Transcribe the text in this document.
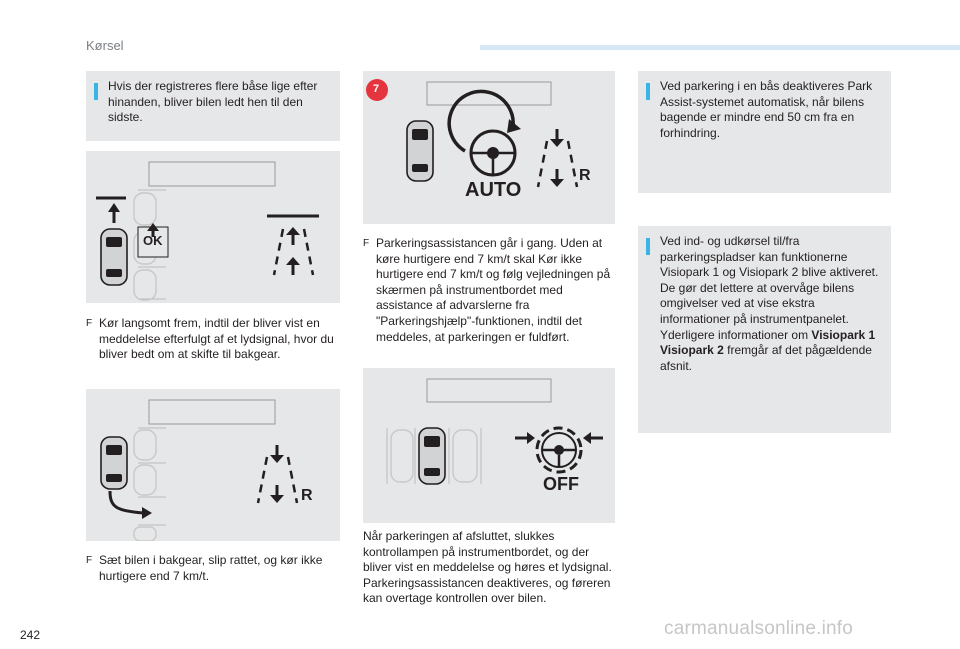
Kørsel
Hvis der registreres flere båse lige efter hinanden, bliver bilen ledt hen til den sidste.
OK
F Kør langsomt frem, indtil der bliver vist en meddelelse efterfulgt af et lydsignal, hvor du bliver bedt om at skifte til bakgear.
R
F Sæt bilen i bakgear, slip rattet, og kør ikke hurtigere end 7 km/t.
7
AUTO
R
F Parkeringsassistancen går i gang. Uden at køre hurtigere end 7 km/t skal Kør ikke hurtigere end 7 km/t og følg vejledningen på skærmen på instrumentbordet med assistance af advarslerne fra "Parkeringshjælp"-funktionen, indtil det meddeles, at parkeringen er fuldført.
OFF
Når parkeringen af afsluttet, slukkes kontrollampen på instrumentbordet, og der bliver vist en meddelelse og høres et lydsignal. Parkeringsassistancen deaktiveres, og føreren kan overtage kontrollen over bilen.
Ved parkering i en bås deaktiveres Park Assist-systemet automatisk, når bilens bagende er mindre end 50 cm fra en forhindring.
Ved ind- og udkørsel til/fra parkeringspladser kan funktionerne Visiopark 1 og Visiopark 2 blive aktiveret. De gør det lettere at overvåge bilens omgivelser ved at vise ekstra informationer på instrumentpanelet. Yderligere informationer om Visiopark 1 Visiopark 2 fremgår af det pågældende afsnit.
242	carmanualsonline.info
